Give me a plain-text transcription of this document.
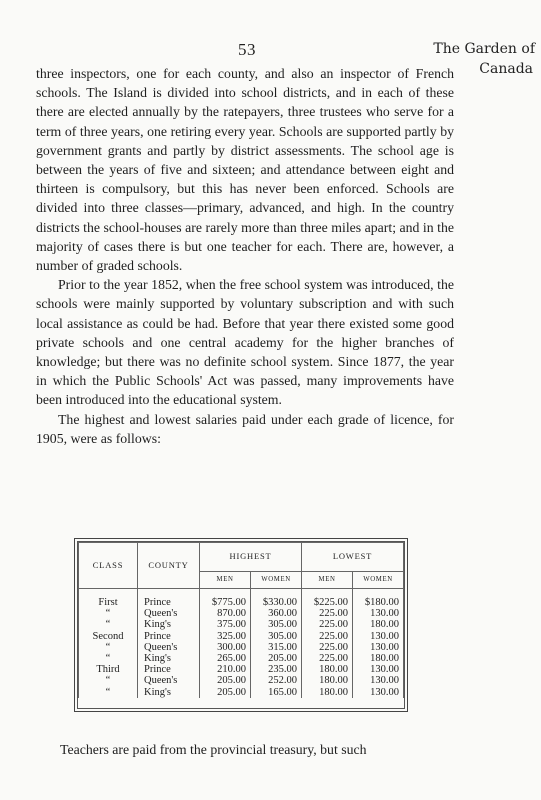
53	The Garden of
Canada

three inspectors, one for each county, and also an inspector of French schools. The Island is divided into school districts, and in each of these there are elected annually by the ratepayers, three trustees who serve for a term of three years, one retiring every year. Schools are supported partly by government grants and partly by district assessments. The school age is between the years of five and sixteen; and attendance between eight and thirteen is compulsory, but this has never been enforced. Schools are divided into three classes—primary, advanced, and high. In the country districts the school-houses are rarely more than three miles apart; and in the majority of cases there is but one teacher for each. There are, however, a number of graded schools.

Prior to the year 1852, when the free school system was introduced, the schools were mainly supported by voluntary subscription and with such local assistance as could be had. Before that year there existed some good private schools and one central academy for the higher branches of knowledge; but there was no definite school system. Since 1877, the year in which the Public Schools' Act was passed, many improvements have been introduced into the educational system.

The highest and lowest salaries paid under each grade of licence, for 1905, were as follows:

CLASS	COUNTY	HIGHEST		LOWEST	
		MEN	WOMEN	MEN	WOMEN
First	Prince	$775.00	$330.00	$225.00	$180.00
“	Queen's	870.00	360.00	225.00	130.00
“	King's	375.00	305.00	225.00	180.00
Second	Prince	325.00	305.00	225.00	130.00
“	Queen's	300.00	315.00	225.00	130.00
“	King's	265.00	205.00	225.00	180.00
Third	Prince	210.00	235.00	180.00	130.00
“	Queen's	205.00	252.00	180.00	130.00
“	King's	205.00	165.00	180.00	130.00
Teachers are paid from the provincial treasury, but such
